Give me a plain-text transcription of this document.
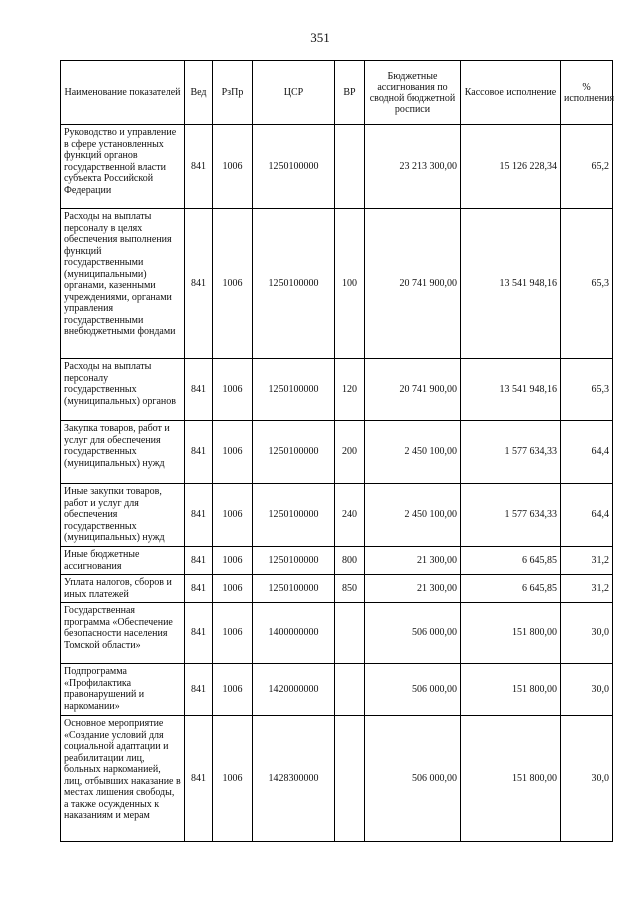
351
Наименование показателей	Вед	РзПр	ЦСР	ВР	Бюджетные ассигнования по сводной бюджетной росписи	Кассовое исполнение	% исполнения
Руководство и управление в сфере установленных функций органов государственной власти субъекта Российской Федерации	841	1006	1250100000		23 213 300,00	15 126 228,34	65,2
Расходы на выплаты персоналу в целях обеспечения выполнения функций государственными (муниципальными) органами, казенными учреждениями, органами управления государственными внебюджетными фондами	841	1006	1250100000	100	20 741 900,00	13 541 948,16	65,3
Расходы на выплаты персоналу государственных (муниципальных) органов	841	1006	1250100000	120	20 741 900,00	13 541 948,16	65,3
Закупка товаров, работ и услуг для обеспечения государственных (муниципальных) нужд	841	1006	1250100000	200	2 450 100,00	1 577 634,33	64,4
Иные закупки товаров, работ и услуг для обеспечения государственных (муниципальных) нужд	841	1006	1250100000	240	2 450 100,00	1 577 634,33	64,4
Иные бюджетные ассигнования	841	1006	1250100000	800	21 300,00	6 645,85	31,2
Уплата налогов, сборов и иных платежей	841	1006	1250100000	850	21 300,00	6 645,85	31,2
Государственная программа «Обеспечение безопасности населения Томской области»	841	1006	1400000000		506 000,00	151 800,00	30,0
Подпрограмма «Профилактика правонарушений и наркомании»	841	1006	1420000000		506 000,00	151 800,00	30,0
Основное мероприятие «Создание условий для социальной адаптации и реабилитации лиц, больных наркоманией, лиц, отбывших наказание в местах лишения свободы, а также осужденных к наказаниям и мерам	841	1006	1428300000		506 000,00	151 800,00	30,0
